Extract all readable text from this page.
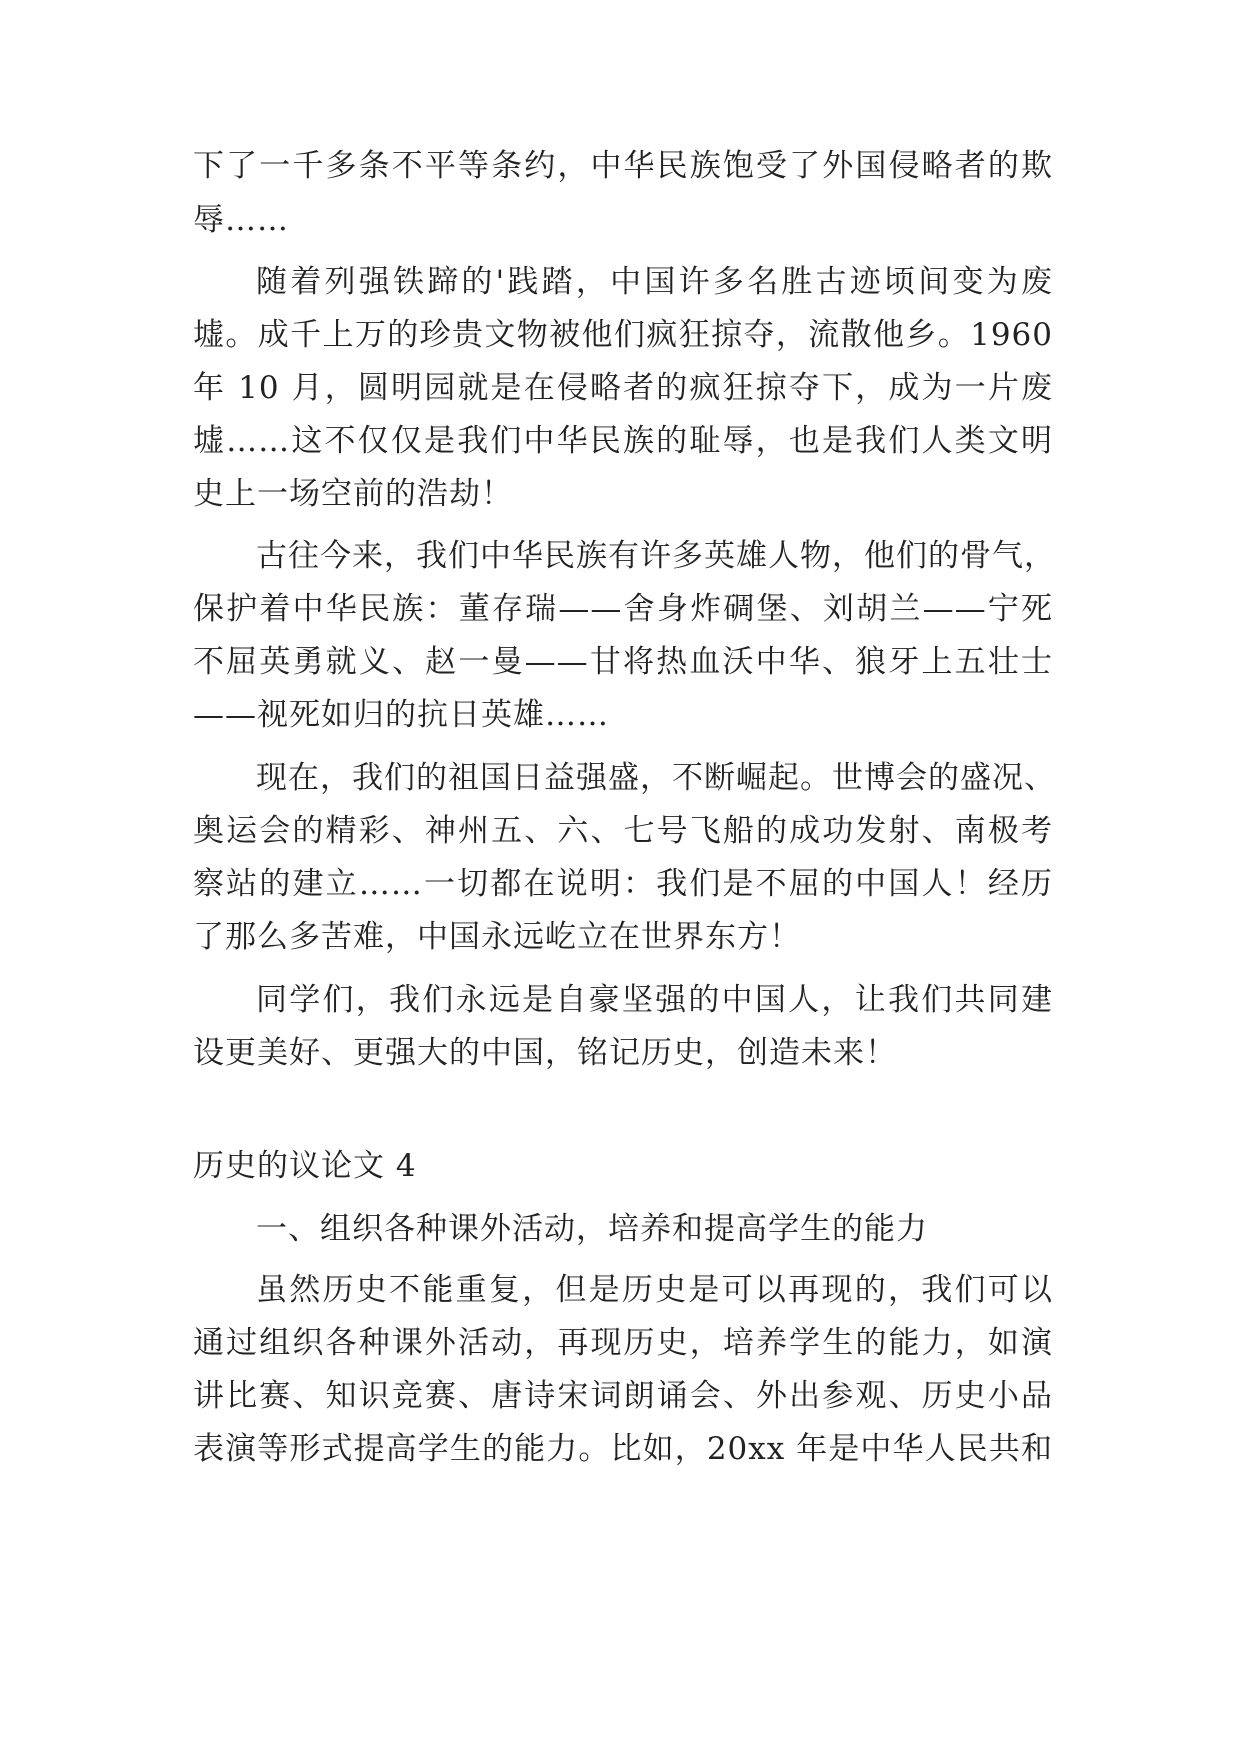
下了一千多条不平等条约，中华民族饱受了外国侵略者的欺
辱……
随着列强铁蹄的'践踏，中国许多名胜古迹顷间变为废
墟。成千上万的珍贵文物被他们疯狂掠夺，流散他乡。1960
年 10 月，圆明园就是在侵略者的疯狂掠夺下，成为一片废
墟……这不仅仅是我们中华民族的耻辱，也是我们人类文明
史上一场空前的浩劫！
古往今来，我们中华民族有许多英雄人物，他们的骨气，
保护着中华民族：董存瑞——舍身炸碉堡、刘胡兰——宁死
不屈英勇就义、赵一曼——甘将热血沃中华、狼牙上五壮士
——视死如归的抗日英雄……
现在，我们的祖国日益强盛，不断崛起。世博会的盛况、
奥运会的精彩、神州五、六、七号飞船的成功发射、南极考
察站的建立……一切都在说明：我们是不屈的中国人！经历
了那么多苦难，中国永远屹立在世界东方！
同学们，我们永远是自豪坚强的中国人，让我们共同建
设更美好、更强大的中国，铭记历史，创造未来！
历史的议论文 4
一、组织各种课外活动，培养和提高学生的能力
虽然历史不能重复，但是历史是可以再现的，我们可以
通过组织各种课外活动，再现历史，培养学生的能力，如演
讲比赛、知识竞赛、唐诗宋词朗诵会、外出参观、历史小品
表演等形式提高学生的能力。比如，20xx 年是中华人民共和
